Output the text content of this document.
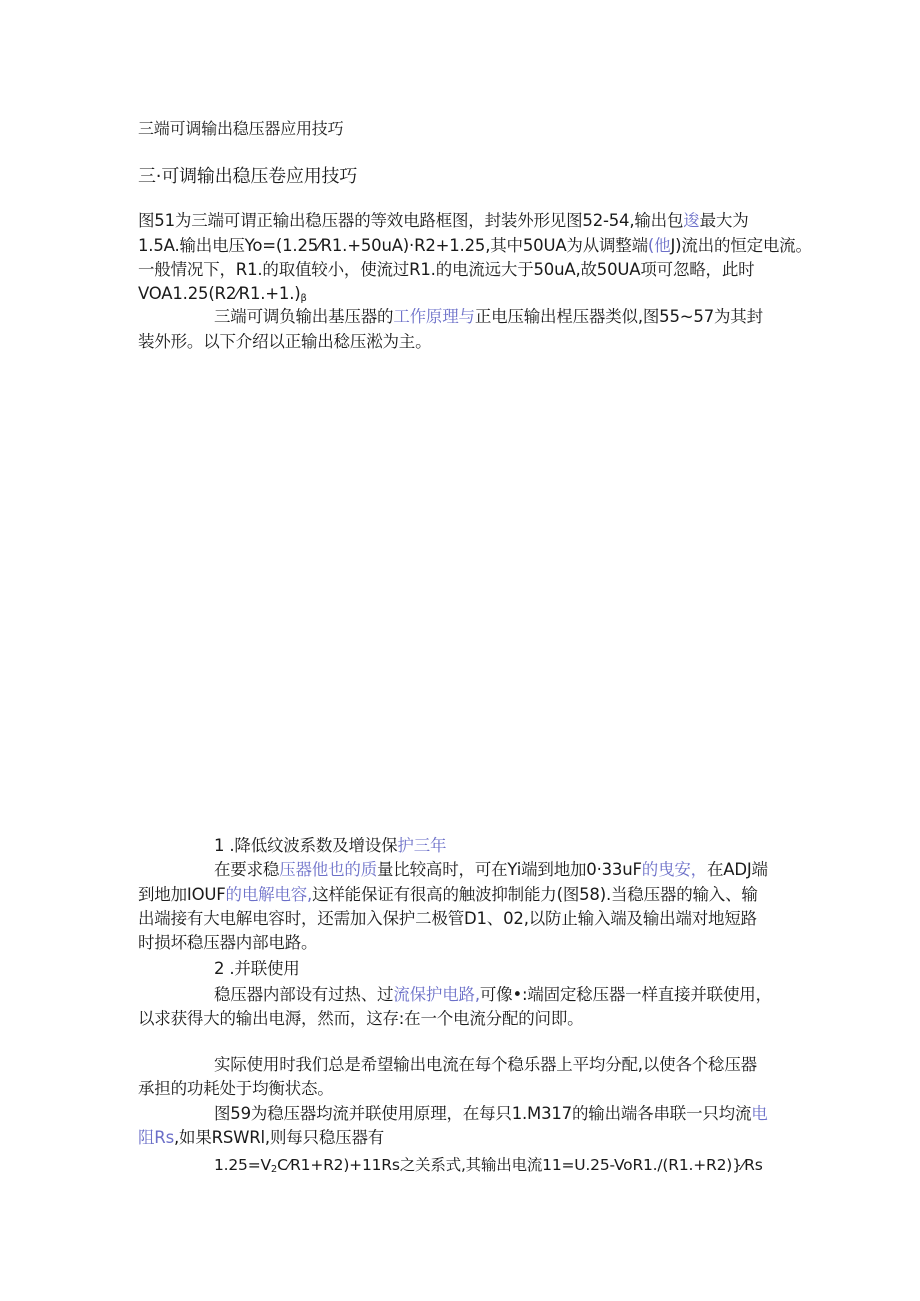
三端可调输出稳压器应用技巧
三·可调输出稳压卷应用技巧
图51为三端可谓正输出稳压器的等效电路框图，封装外形见图52-54,输出包逡最大为
1.5A.输出电压Yo=(1.25⁄R1.+50uA)·R2+1.25,其中50UA为从调整端(他J)流出的恒定电流。
一般情况下，R1.的取值较小，使流过R1.的电流远大于50uA,故50UA项可忽略，此时
$VOA1.25(R2⁄R1.+1.)_\beta$
三端可调负输出基压器的工作原理与正电压输出桯压器类似,图55~57为其封
装外形。以下介绍以正输出稔压淞为主。
1 .降低纹波系数及增设保护三年
在要求稳压器他也的质量比较高时，可在Yi端到地加0·33uF的曳安，在ADJ端
到地加IOUF的电解电容,这样能保证有很高的触波抑制能力(图58).当稳压器的输入、输
出端接有大电解电容时，还需加入保护二极管D1、02,以防止输入端及输出端对地短路
时损坏稳压器内部电路。
2 .并联使用
稳压器内部设有过热、过流保护电路,可像•:端固定稔压器一样直接并联使用，
以求获得大的输出电溽，然而，这存:在一个电流分配的问即。
实际使用时我们总是希望输出电流在每个稳乐器上平均分配,以使各个稔压器
承担的功耗处于均衡状态。
图59为稳压器均流并联使用原理，在每只1.M317的输出端各串联一只均流电
阻Rs,如果RSWRl,则每只稳压器有
$1.25=V_2C⁄R1+R2)+11Rs$之关系式,其输出电流11=U.25-VoR1./(R1.+R2)}⁄Rs
